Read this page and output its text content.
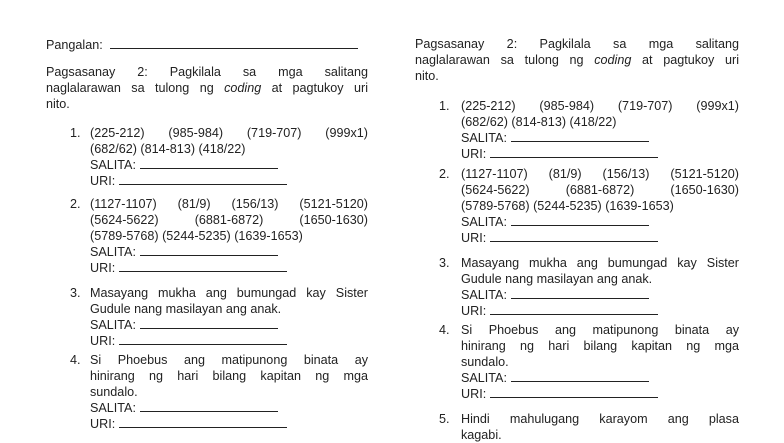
Pangalan:
Pagsasanay 2: Pagkilala sa mga salitang
naglalarawan sa tulong ng coding at pagtukoy uri
nito.
1. (225-212) (985-984) (719-707) (999x1)
(682/62) (814-813) (418/22)
SALITA:
URI:
2. (1127-1107) (81/9) (156/13) (5121-5120)
(5624-5622) (6881-6872) (1650-1630)
(5789-5768) (5244-5235) (1639-1653)
SALITA:
URI:
3. Masayang mukha ang bumungad kay Sister
Gudule nang masilayan ang anak.
SALITA:
URI:
4. Si Phoebus ang matipunong binata ay
hinirang ng hari bilang kapitan ng mga
sundalo.
SALITA:
URI:
Pagsasanay 2: Pagkilala sa mga salitang
naglalarawan sa tulong ng coding at pagtukoy uri
nito.
1. (225-212) (985-984) (719-707) (999x1)
(682/62) (814-813) (418/22)
SALITA:
URI:
2. (1127-1107) (81/9) (156/13) (5121-5120)
(5624-5622) (6881-6872) (1650-1630)
(5789-5768) (5244-5235) (1639-1653)
SALITA:
URI:
3. Masayang mukha ang bumungad kay Sister
Gudule nang masilayan ang anak.
SALITA:
URI:
4. Si Phoebus ang matipunong binata ay
hinirang ng hari bilang kapitan ng mga
sundalo.
SALITA:
URI:
5. Hindi mahulugang karayom ang plasa
kagabi.
